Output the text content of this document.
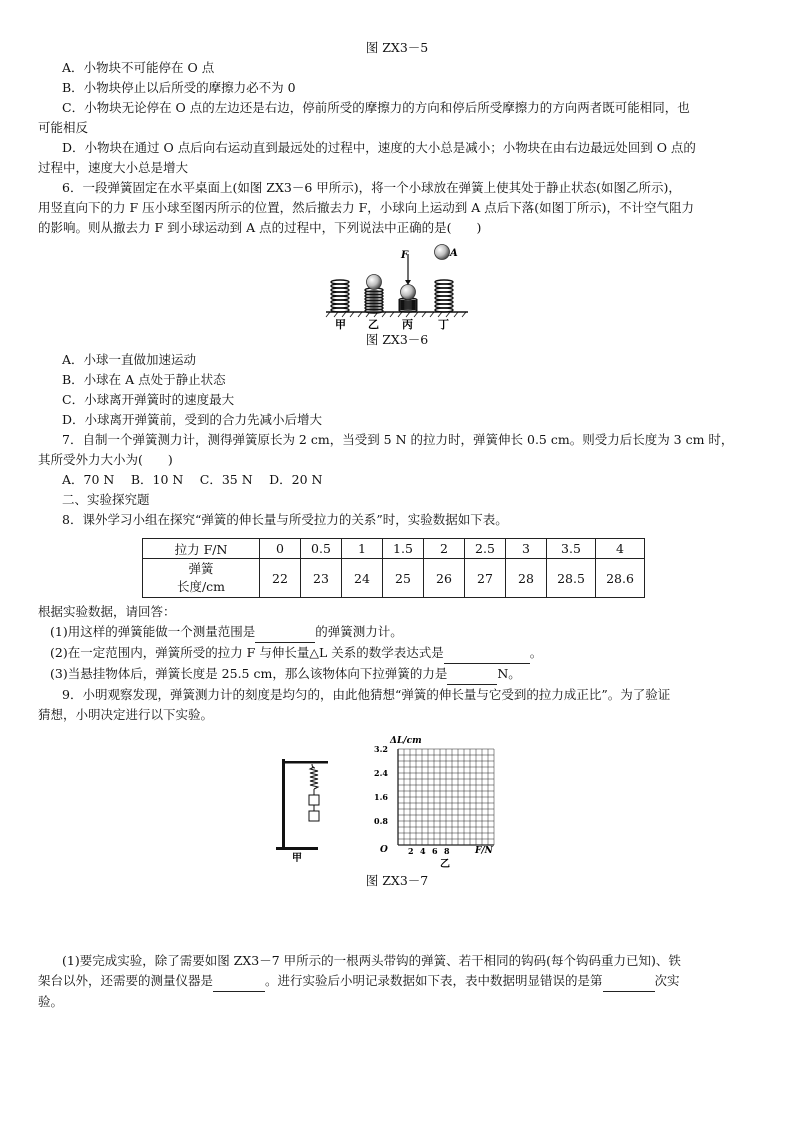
图 ZX3－5
A．小物块不可能停在 O 点
B．小物块停止以后所受的摩擦力必不为 0
C．小物块无论停在 O 点的左边还是右边，停前所受的摩擦力的方向和停后所受摩擦力的方向两者既可能相同，也
可能相反
D．小物块在通过 O 点后向右运动直到最远处的过程中，速度的大小总是减小；小物块在由右边最远处回到 O 点的
过程中，速度大小总是增大
6．一段弹簧固定在水平桌面上(如图 ZX3－6 甲所示)，将一个小球放在弹簧上使其处于静止状态(如图乙所示)，
用竖直向下的力 F 压小球至图丙所示的位置，然后撤去力 F，小球向上运动到 A 点后下落(如图丁所示)，不计空气阻力
的影响。则从撤去力 F 到小球运动到 A 点的过程中，下列说法中正确的是(　　)
F	A
甲 乙 丙 丁
图 ZX3－6
A．小球一直做加速运动
B．小球在 A 点处于静止状态
C．小球离开弹簧时的速度最大
D．小球离开弹簧前，受到的合力先减小后增大
7．自制一个弹簧测力计，测得弹簧原长为 2 cm，当受到 5 N 的拉力时，弹簧伸长 0.5 cm。则受力后长度为 3 cm 时，
其所受外力大小为(　　)
A．70 N　 B．10 N　 C．35 N　 D．20 N
二、实验探究题
8．课外学习小组在探究“弹簧的伸长量与所受拉力的关系”时，实验数据如下表。
拉力 F/N	0	0.5	1	1.5	2	2.5	3	3.5	4
弹簧
长度/cm	22	23	24	25	26	27	28	28.5	28.6
根据实验数据，请回答：
(1)用这样的弹簧能做一个测量范围是	的弹簧测力计。
(2)在一定范围内，弹簧所受的拉力 F 与伸长量△L 关系的数学表达式是	。
(3)当悬挂物体后，弹簧长度是 25.5 cm，那么该物体向下拉弹簧的力是	N。
9．小明观察发现，弹簧测力计的刻度是均匀的，由此他猜想“弹簧的伸长量与它受到的拉力成正比”。为了验证
猜想，小明决定进行以下实验。
甲
ΔL/cm
F/N
O
0.8
1.6
2.4
3.2
2 4 6 8
乙
图 ZX3－7
(1)要完成实验，除了需要如图 ZX3－7 甲所示的一根两头带钩的弹簧、若干相同的钩码(每个钩码重力已知)、铁
架台以外，还需要的测量仪器是	。进行实验后小明记录数据如下表，表中数据明显错误的是第	次实
验。
